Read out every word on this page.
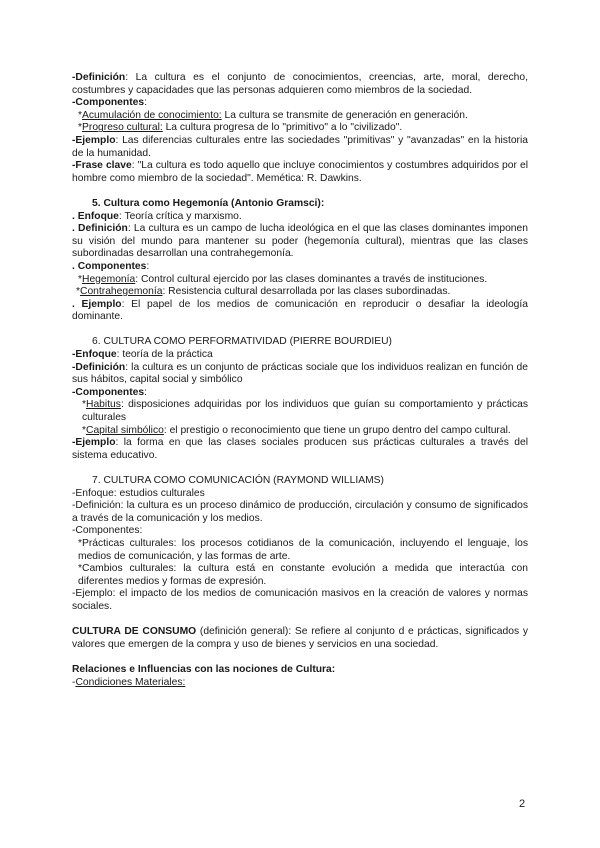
-Definición: La cultura es el conjunto de conocimientos, creencias, arte, moral, derecho, costumbres y capacidades que las personas adquieren como miembros de la sociedad.

-Componentes:

*Acumulación de conocimiento: La cultura se transmite de generación en generación.

*Progreso cultural: La cultura progresa de lo "primitivo" a lo "civilizado".

-Ejemplo: Las diferencias culturales entre las sociedades "primitivas" y "avanzadas" en la historia de la humanidad.

-Frase clave: "La cultura es todo aquello que incluye conocimientos y costumbres adquiridos por el hombre como miembro de la sociedad". Memética: R. Dawkins.

5. Cultura como Hegemonía (Antonio Gramsci):

. Enfoque: Teoría crítica y marxismo.

. Definición: La cultura es un campo de lucha ideológica en el que las clases dominantes imponen su visión del mundo para mantener su poder (hegemonía cultural), mientras que las clases subordinadas desarrollan una contrahegemonía.

. Componentes:

*Hegemonía: Control cultural ejercido por las clases dominantes a través de instituciones.

*Contrahegemonía: Resistencia cultural desarrollada por las clases subordinadas.

. Ejemplo: El papel de los medios de comunicación en reproducir o desafiar la ideología dominante.

6. CULTURA COMO PERFORMATIVIDAD (PIERRE BOURDIEU)

-Enfoque: teoría de la práctica

-Definición: la cultura es un conjunto de prácticas sociale que los individuos realizan en función de sus hábitos, capital social y simbólico

-Componentes:

*Habitus: disposiciones adquiridas por los individuos que guían su comportamiento y prácticas culturales

*Capital simbólico: el prestigio o reconocimiento que tiene un grupo dentro del campo cultural.

-Ejemplo: la forma en que las clases sociales producen sus prácticas culturales a través del sistema educativo.

7. CULTURA COMO COMUNICACIÓN (RAYMOND WILLIAMS)

-Enfoque: estudios culturales

-Definición: la cultura es un proceso dinámico de producción, circulación y consumo de significados a través de la comunicación y los medios.

-Componentes:

*Prácticas culturales: los procesos cotidianos de la comunicación, incluyendo el lenguaje, los medios de comunicación, y las formas de arte.

*Cambios culturales: la cultura está en constante evolución a medida que interactúa con diferentes medios y formas de expresión.

-Ejemplo: el impacto de los medios de comunicación masivos en la creación de valores y normas sociales.

CULTURA DE CONSUMO (definición general): Se refiere al conjunto d e prácticas, significados y valores que emergen de la compra y uso de bienes y servicios en una sociedad.

Relaciones e Influencias con las nociones de Cultura:

-Condiciones Materiales:

2
